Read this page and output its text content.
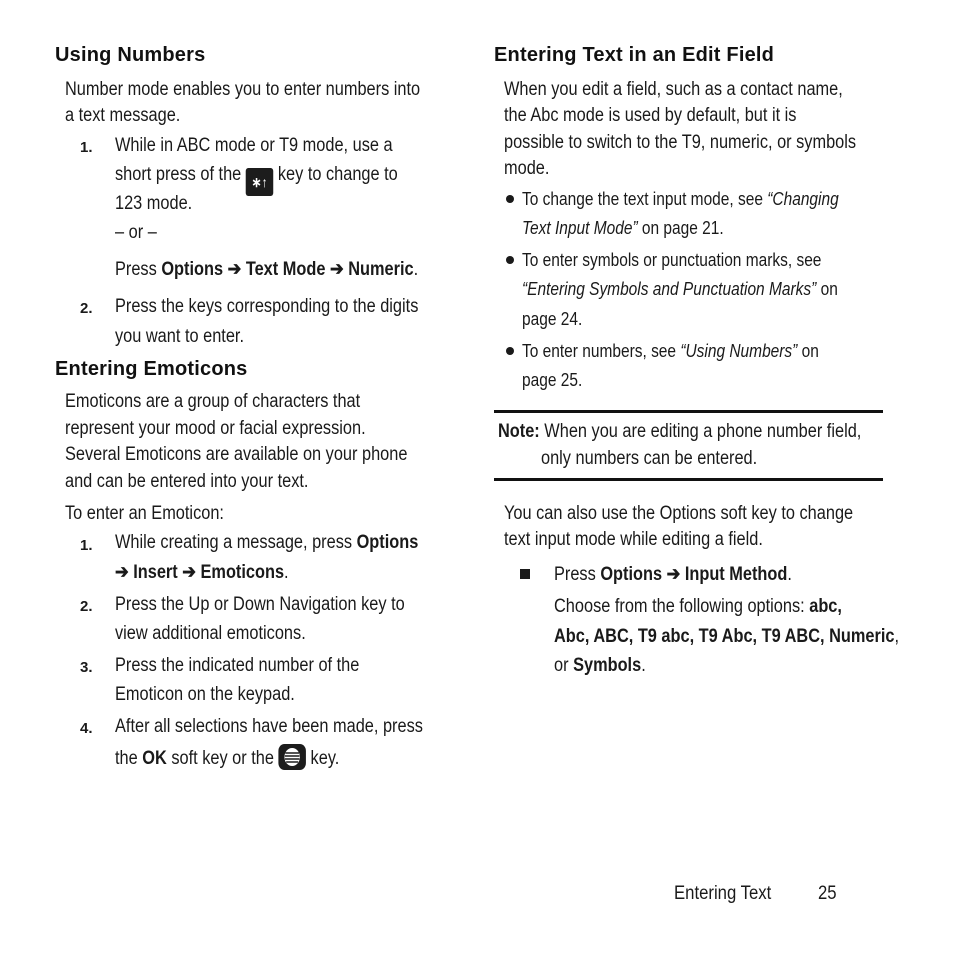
Using Numbers

Number mode enables you to enter numbers into

a text message.

1. While in ABC mode or T9 mode, use a

short press of the ∗↑ key to change to

123 mode.

– or –

Press Options ➔ Text Mode ➔ Numeric.

2. Press the keys corresponding to the digits

you want to enter.

Entering Emoticons

Emoticons are a group of characters that

represent your mood or facial expression.

Several Emoticons are available on your phone

and can be entered into your text.

To enter an Emoticon:

1. While creating a message, press Options

➔ Insert ➔ Emoticons.

2. Press the Up or Down Navigation key to

view additional emoticons.

3. Press the indicated number of the

Emoticon on the keypad.

4. After all selections have been made, press

the OK soft key or the key.

Entering Text in an Edit Field

When you edit a field, such as a contact name,

the Abc mode is used by default, but it is

possible to switch to the T9, numeric, or symbols

mode.

To change the text input mode, see “Changing

Text Input Mode” on page 21.

To enter symbols or punctuation marks, see

“Entering Symbols and Punctuation Marks” on

page 24.

To enter numbers, see “Using Numbers” on

page 25.

Note: When you are editing a phone number field,

only numbers can be entered.

You can also use the Options soft key to change

text input mode while editing a field.

Press Options ➔ Input Method.

Choose from the following options: abc,

Abc, ABC, T9 abc, T9 Abc, T9 ABC, Numeric,

or Symbols.

Entering Text 25
